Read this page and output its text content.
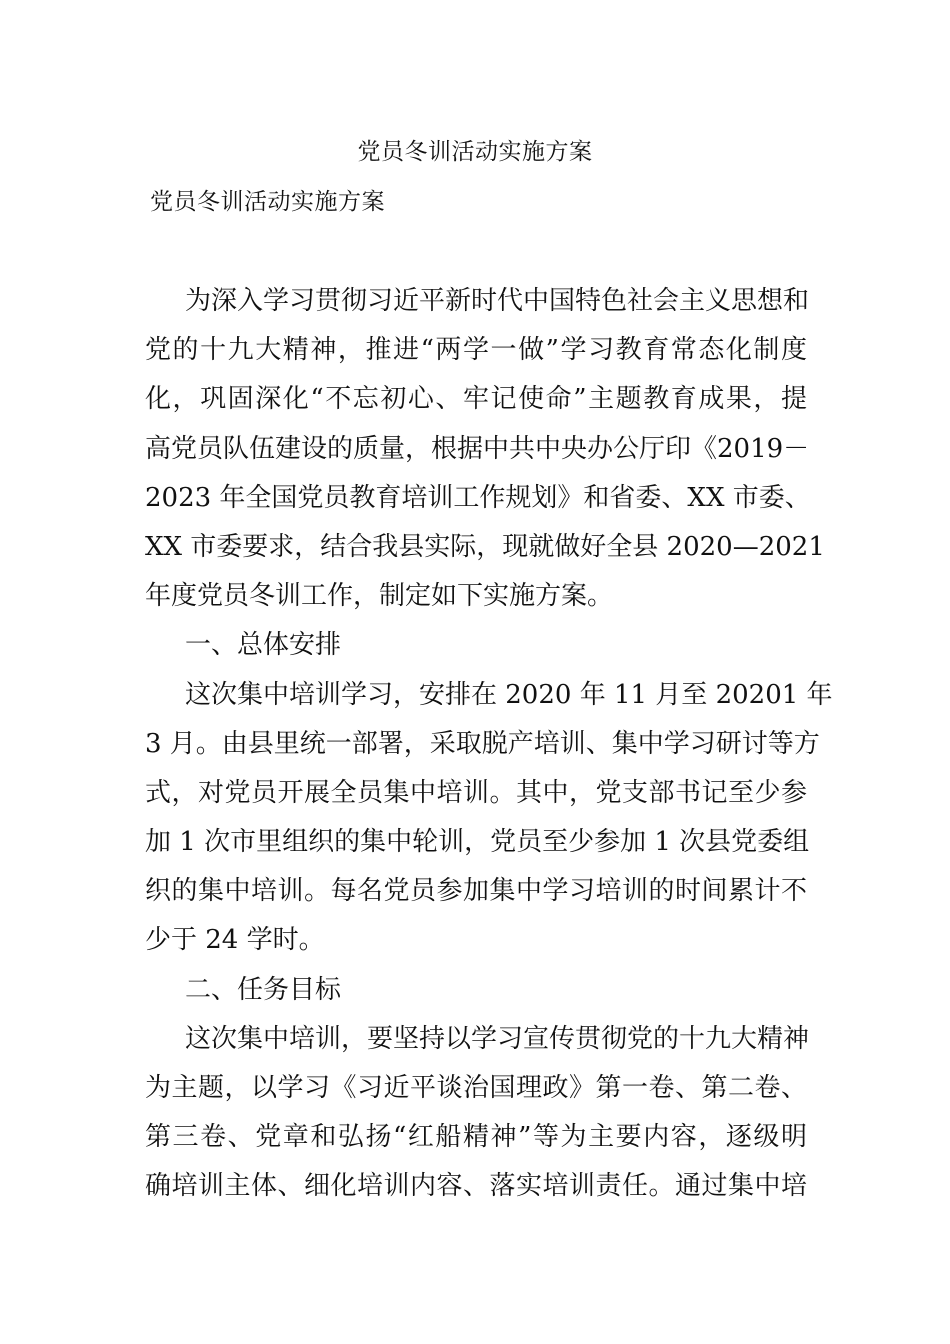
党员冬训活动实施方案
党员冬训活动实施方案
为深入学习贯彻习近平新时代中国特色社会主义思想和
党的十九大精神，推进“两学一做”学习教育常态化制度
化，巩固深化“不忘初心、牢记使命”主题教育成果，提
高党员队伍建设的质量，根据中共中央办公厅印《2019－
2023 年全国党员教育培训工作规划》和省委、XX 市委、
XX 市委要求，结合我县实际，现就做好全县 2020—2021
年度党员冬训工作，制定如下实施方案。
一、总体安排
这次集中培训学习，安排在 2020 年 11 月至 20201 年
3 月。由县里统一部署，采取脱产培训、集中学习研讨等方
式，对党员开展全员集中培训。其中，党支部书记至少参
加 1 次市里组织的集中轮训，党员至少参加 1 次县党委组
织的集中培训。每名党员参加集中学习培训的时间累计不
少于 24 学时。
二、任务目标
这次集中培训，要坚持以学习宣传贯彻党的十九大精神
为主题，以学习《习近平谈治国理政》第一卷、第二卷、
第三卷、党章和弘扬“红船精神”等为主要内容，逐级明
确培训主体、细化培训内容、落实培训责任。通过集中培
